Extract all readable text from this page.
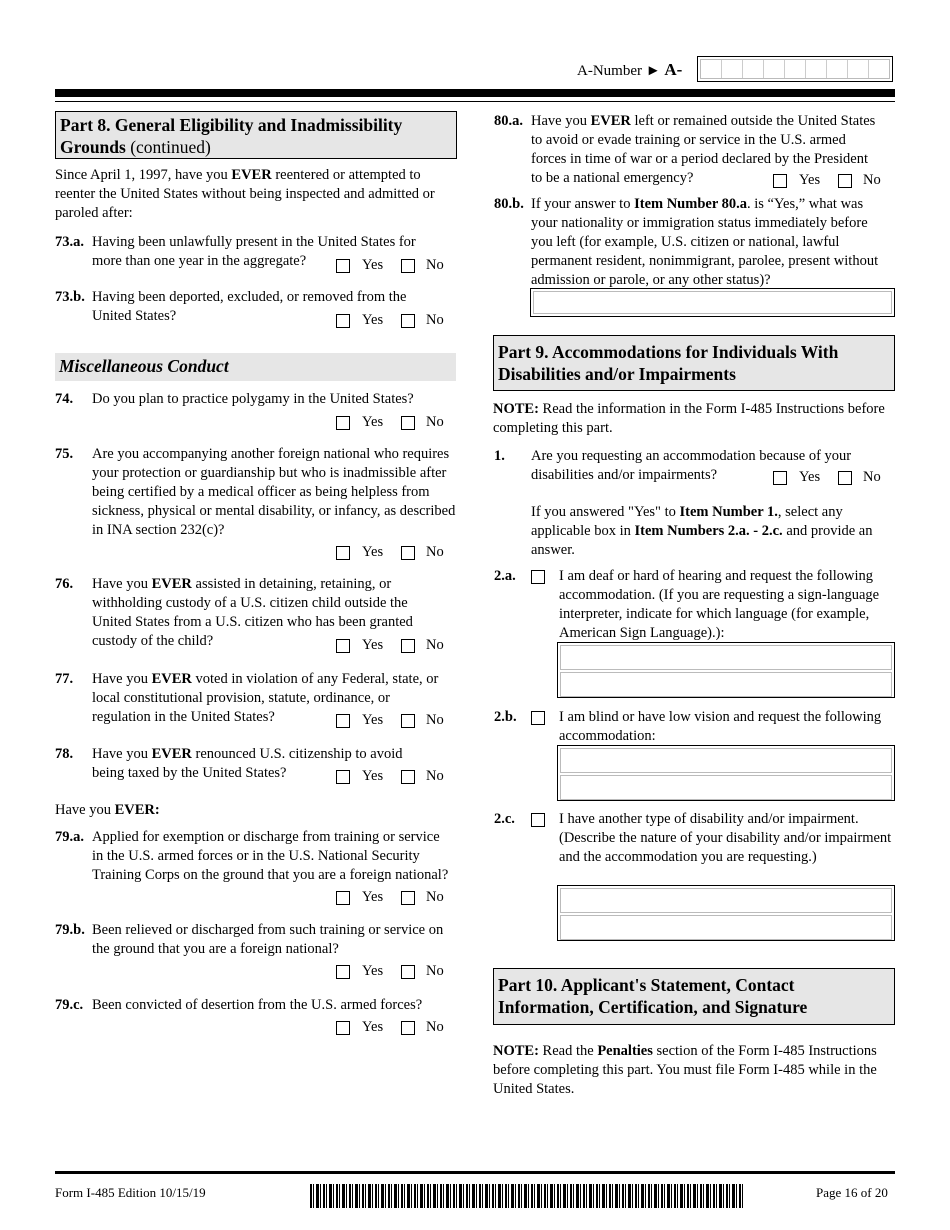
A-Number ► A-
Part 8. General Eligibility and Inadmissibility Grounds (continued)
Since April 1, 1997, have you EVER reentered or attempted to reenter the United States without being inspected and admitted or paroled after:
73.a. Having been unlawfully present in the United States for more than one year in the aggregate?	Yes	No
73.b. Having been deported, excluded, or removed from the United States?	Yes	No
Miscellaneous Conduct
74. Do you plan to practice polygamy in the United States?
Yes	No
75. Are you accompanying another foreign national who requires your protection or guardianship but who is inadmissible after being certified by a medical officer as being helpless from sickness, physical or mental disability, or infancy, as described in INA section 232(c)?
Yes	No
76. Have you EVER assisted in detaining, retaining, or withholding custody of a U.S. citizen child outside the United States from a U.S. citizen who has been granted custody of the child?	Yes	No
77. Have you EVER voted in violation of any Federal, state, or local constitutional provision, statute, ordinance, or regulation in the United States?	Yes	No
78. Have you EVER renounced U.S. citizenship to avoid being taxed by the United States?	Yes	No
Have you EVER:
79.a. Applied for exemption or discharge from training or service in the U.S. armed forces or in the U.S. National Security Training Corps on the ground that you are a foreign national?
Yes	No
79.b. Been relieved or discharged from such training or service on the ground that you are a foreign national?
Yes	No
79.c. Been convicted of desertion from the U.S. armed forces?
Yes	No
80.a. Have you EVER left or remained outside the United States to avoid or evade training or service in the U.S. armed forces in time of war or a period declared by the President to be a national emergency?	Yes	No
80.b. If your answer to Item Number 80.a. is “Yes,” what was your nationality or immigration status immediately before you left (for example, U.S. citizen or national, lawful permanent resident, nonimmigrant, parolee, present without admission or parole, or any other status)?
Part 9. Accommodations for Individuals With Disabilities and/or Impairments
NOTE: Read the information in the Form I-485 Instructions before completing this part.
1. Are you requesting an accommodation because of your disabilities and/or impairments?	Yes	No
If you answered "Yes" to Item Number 1., select any applicable box in Item Numbers 2.a. - 2.c. and provide an answer.
2.a.	I am deaf or hard of hearing and request the following accommodation. (If you are requesting a sign-language interpreter, indicate for which language (for example, American Sign Language).):
2.b.	I am blind or have low vision and request the following accommodation:
2.c.	I have another type of disability and/or impairment. (Describe the nature of your disability and/or impairment and the accommodation you are requesting.)
Part 10. Applicant's Statement, Contact Information, Certification, and Signature
NOTE: Read the Penalties section of the Form I-485 Instructions before completing this part. You must file Form I-485 while in the United States.
Form I-485 Edition 10/15/19	Page 16 of 20
